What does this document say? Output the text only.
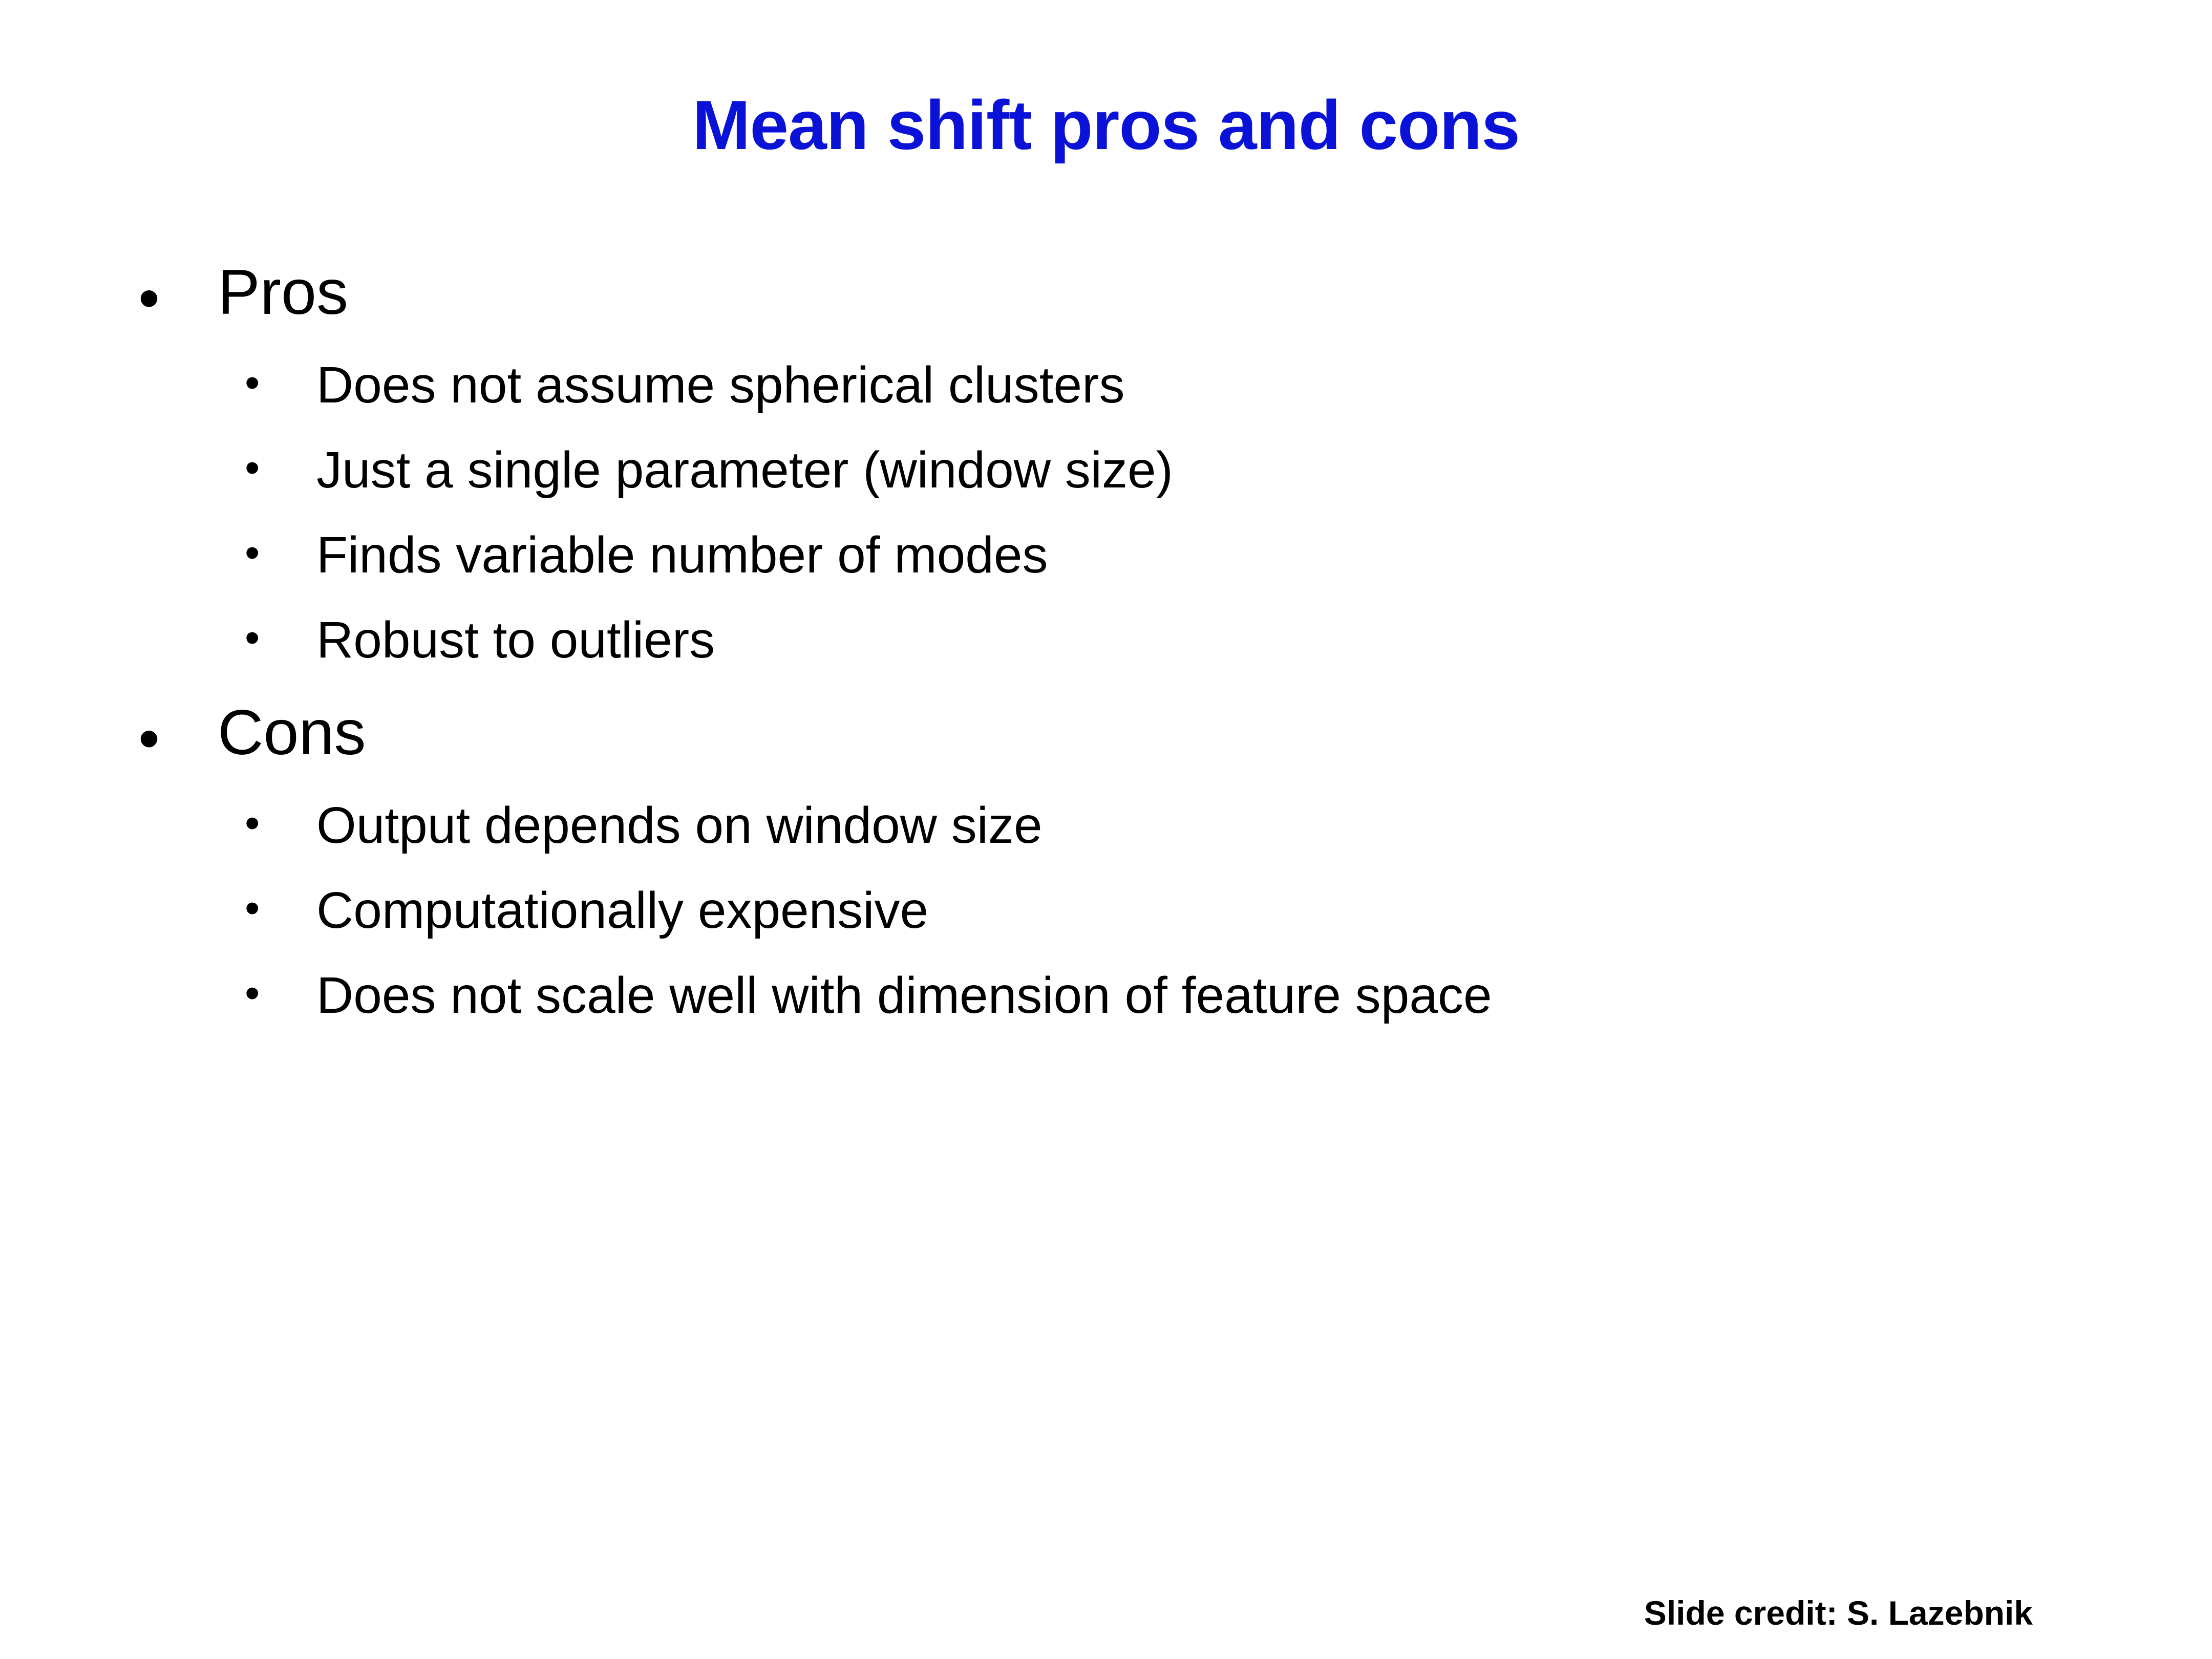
Mean shift pros and cons
• Pros
• Does not assume spherical clusters
• Just a single parameter (window size)
• Finds variable number of modes
• Robust to outliers
• Cons
• Output depends on window size
• Computationally expensive
• Does not scale well with dimension of feature space
Slide credit: S. Lazebnik
